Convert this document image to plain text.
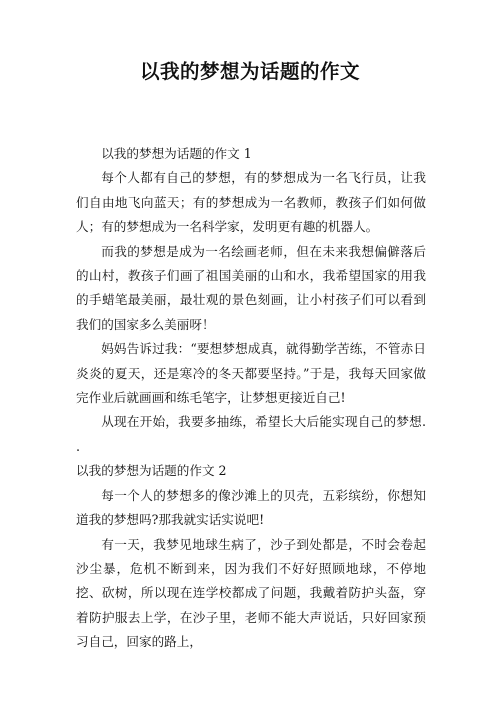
以我的梦想为话题的作文

以我的梦想为话题的作文 1

每个人都有自己的梦想，有的梦想成为一名飞行员，让我们自由地飞向蓝天；有的梦想成为一名教师，教孩子们如何做人；有的梦想成为一名科学家，发明更有趣的机器人。

而我的梦想是成为一名绘画老师，但在未来我想偏僻落后的山村，教孩子们画了祖国美丽的山和水，我希望国家的用我的手蜡笔最美丽，最壮观的景色刻画，让小村孩子们可以看到我们的国家多么美丽呀！

妈妈告诉过我：“要想梦想成真，就得勤学苦练，不管赤日炎炎的夏天，还是寒冷的冬天都要坚持。”于是，我每天回家做完作业后就画画和练毛笔字，让梦想更接近自己!

从现在开始，我要多抽练，希望长大后能实现自己的梦想. .

以我的梦想为话题的作文 2

每一个人的梦想多的像沙滩上的贝壳，五彩缤纷，你想知道我的梦想吗?那我就实话实说吧!

有一天，我梦见地球生病了，沙子到处都是，不时会卷起沙尘暴，危机不断到来，因为我们不好好照顾地球，不停地挖、砍树，所以现在连学校都成了问题，我戴着防护头盔，穿着防护服去上学，在沙子里，老师不能大声说话，只好回家预习自己，回家的路上，
